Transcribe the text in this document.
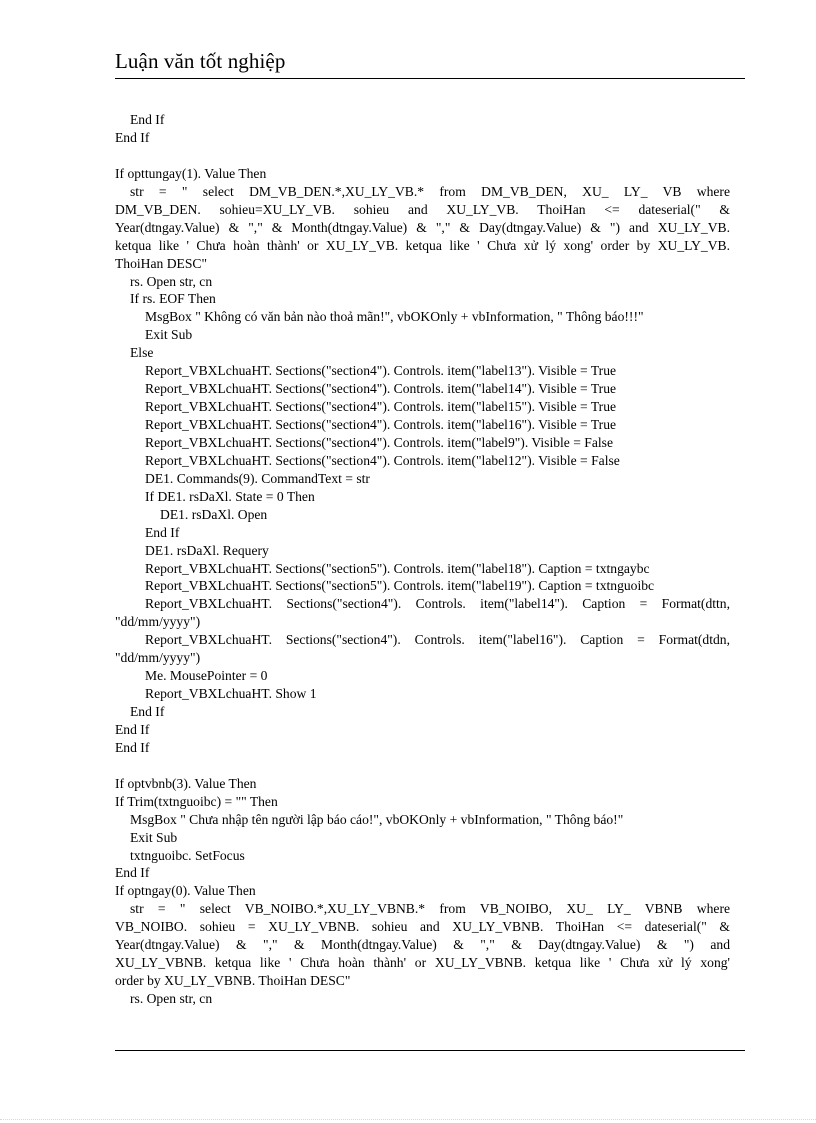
Luận văn tốt nghiệp
End If
End If
If opttungay(1). Value Then
str = " select DM_VB_DEN.*,XU_LY_VB.* from DM_VB_DEN, XU_ LY_ VB where
DM_VB_DEN. sohieu=XU_LY_VB. sohieu and XU_LY_VB. ThoiHan <= dateserial(" &
Year(dtngay.Value) & "," & Month(dtngay.Value) & "," & Day(dtngay.Value) & ") and XU_LY_VB.
ketqua like ' Chưa hoàn thành' or XU_LY_VB. ketqua like ' Chưa xử lý xong' order by XU_LY_VB.
ThoiHan DESC"
rs. Open str, cn
If rs. EOF Then
MsgBox " Không có văn bản nào thoả mãn!", vbOKOnly + vbInformation, " Thông báo!!!"
Exit Sub
Else
Report_VBXLchuaHT. Sections("section4"). Controls. item("label13"). Visible = True
Report_VBXLchuaHT. Sections("section4"). Controls. item("label14"). Visible = True
Report_VBXLchuaHT. Sections("section4"). Controls. item("label15"). Visible = True
Report_VBXLchuaHT. Sections("section4"). Controls. item("label16"). Visible = True
Report_VBXLchuaHT. Sections("section4"). Controls. item("label9"). Visible = False
Report_VBXLchuaHT. Sections("section4"). Controls. item("label12"). Visible = False
DE1. Commands(9). CommandText = str
If DE1. rsDaXl. State = 0 Then
DE1. rsDaXl. Open
End If
DE1. rsDaXl. Requery
Report_VBXLchuaHT. Sections("section5"). Controls. item("label18"). Caption = txtngaybc
Report_VBXLchuaHT. Sections("section5"). Controls. item("label19"). Caption = txtnguoibc
Report_VBXLchuaHT. Sections("section4"). Controls. item("label14"). Caption = Format(dttn,
"dd/mm/yyyy")
Report_VBXLchuaHT. Sections("section4"). Controls. item("label16"). Caption = Format(dtdn,
"dd/mm/yyyy")
Me. MousePointer = 0
Report_VBXLchuaHT. Show 1
End If
End If
End If
If optvbnb(3). Value Then
If Trim(txtnguoibc) = "" Then
MsgBox " Chưa nhập tên người lập báo cáo!", vbOKOnly + vbInformation, " Thông báo!"
Exit Sub
txtnguoibc. SetFocus
End If
If optngay(0). Value Then
str = " select VB_NOIBO.*,XU_LY_VBNB.* from VB_NOIBO, XU_ LY_ VBNB where
VB_NOIBO. sohieu = XU_LY_VBNB. sohieu and XU_LY_VBNB. ThoiHan <= dateserial(" &
Year(dtngay.Value) & "," & Month(dtngay.Value) & "," & Day(dtngay.Value) & ") and
XU_LY_VBNB. ketqua like ' Chưa hoàn thành' or XU_LY_VBNB. ketqua like ' Chưa xử lý xong'
order by XU_LY_VBNB. ThoiHan DESC"
rs. Open str, cn
